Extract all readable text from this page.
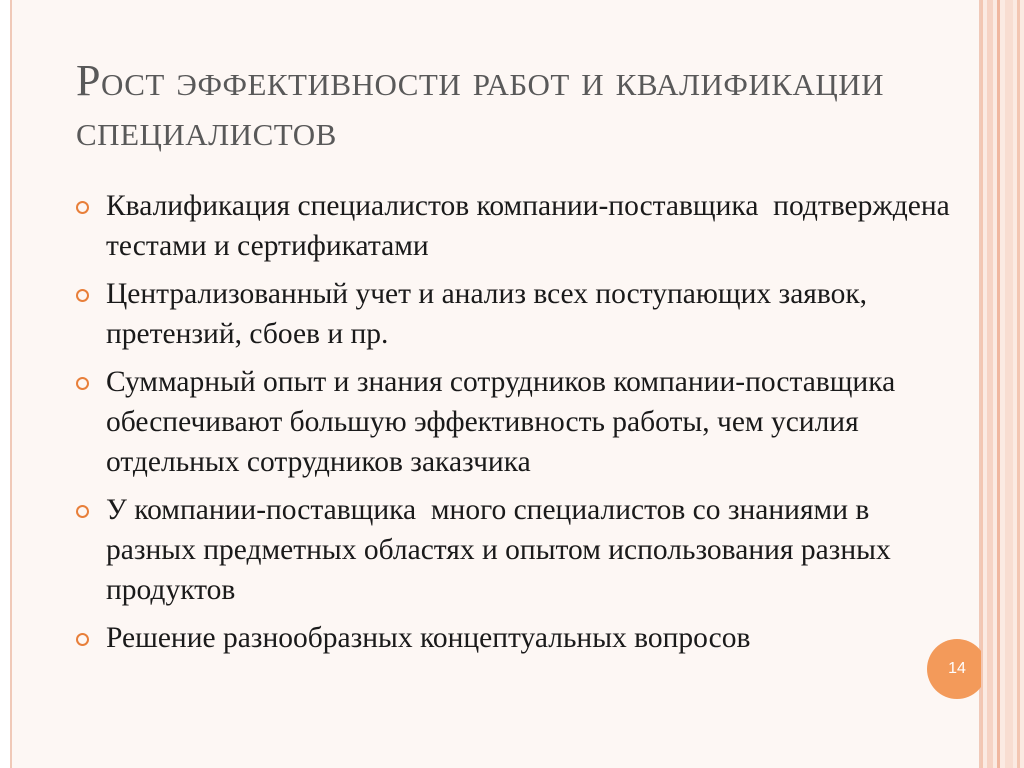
Рост эффективности работ и квалификации специалистов
Квалификация специалистов компании-поставщика  подтверждена тестами и сертификатами
Централизованный учет и анализ всех поступающих заявок, претензий, сбоев и пр.
Суммарный опыт и знания сотрудников компании-поставщика  обеспечивают большую эффективность работы, чем усилия отдельных сотрудников заказчика
У компании-поставщика  много специалистов со знаниями в разных предметных областях и опытом использования разных продуктов
Решение разнообразных концептуальных вопросов
14
